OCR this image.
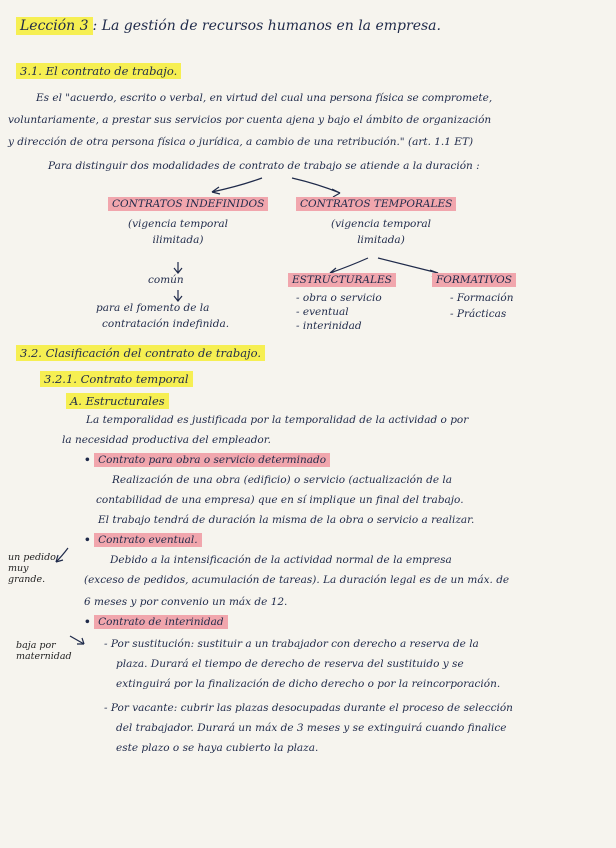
Lección 3 : La gestión de recursos humanos en la empresa.
3.1. El contrato de trabajo.
Es el "acuerdo, escrito o verbal, en virtud del cual una persona física se compromete,
voluntariamente, a prestar sus servicios por cuenta ajena y bajo el ámbito de organización
y dirección de otra persona física o jurídica, a cambio de una retribución." (art. 1.1 ET)
Para distinguir dos modalidades de contrato de trabajo se atiende a la duración :
CONTRATOS INDEFINIDOS
(vigencia temporal
ilimitada)
común
para el fomento de la
contratación indefinida.
CONTRATOS TEMPORALES
(vigencia temporal
limitada)
ESTRUCTURALES
- obra o servicio
- eventual
- interinidad
FORMATIVOS
- Formación
- Prácticas
3.2. Clasificación del contrato de trabajo.
3.2.1. Contrato temporal
A. Estructurales
La temporalidad es justificada por la temporalidad de la actividad o por
la necesidad productiva del empleador.
• Contrato para obra o servicio determinado
Realización de una obra (edificio) o servicio (actualización de la
contabilidad de una empresa) que en sí implique un final del trabajo.
El trabajo tendrá de duración la misma de la obra o servicio a realizar.
un pedido muy grande.
• Contrato eventual.
Debido a la intensificación de la actividad normal de la empresa
(exceso de pedidos, acumulación de tareas). La duración legal es de un máx. de
6 meses y por convenio un máx de 12.
baja por maternidad
• Contrato de interinidad
- Por sustitución: sustituir a un trabajador con derecho a reserva de la
plaza. Durará el tiempo de derecho de reserva del sustituido y se
extinguirá por la finalización de dicho derecho o por la reincorporación.
- Por vacante: cubrir las plazas desocupadas durante el proceso de selección
del trabajador. Durará un máx de 3 meses y se extinguirá cuando finalice
este plazo o se haya cubierto la plaza.
